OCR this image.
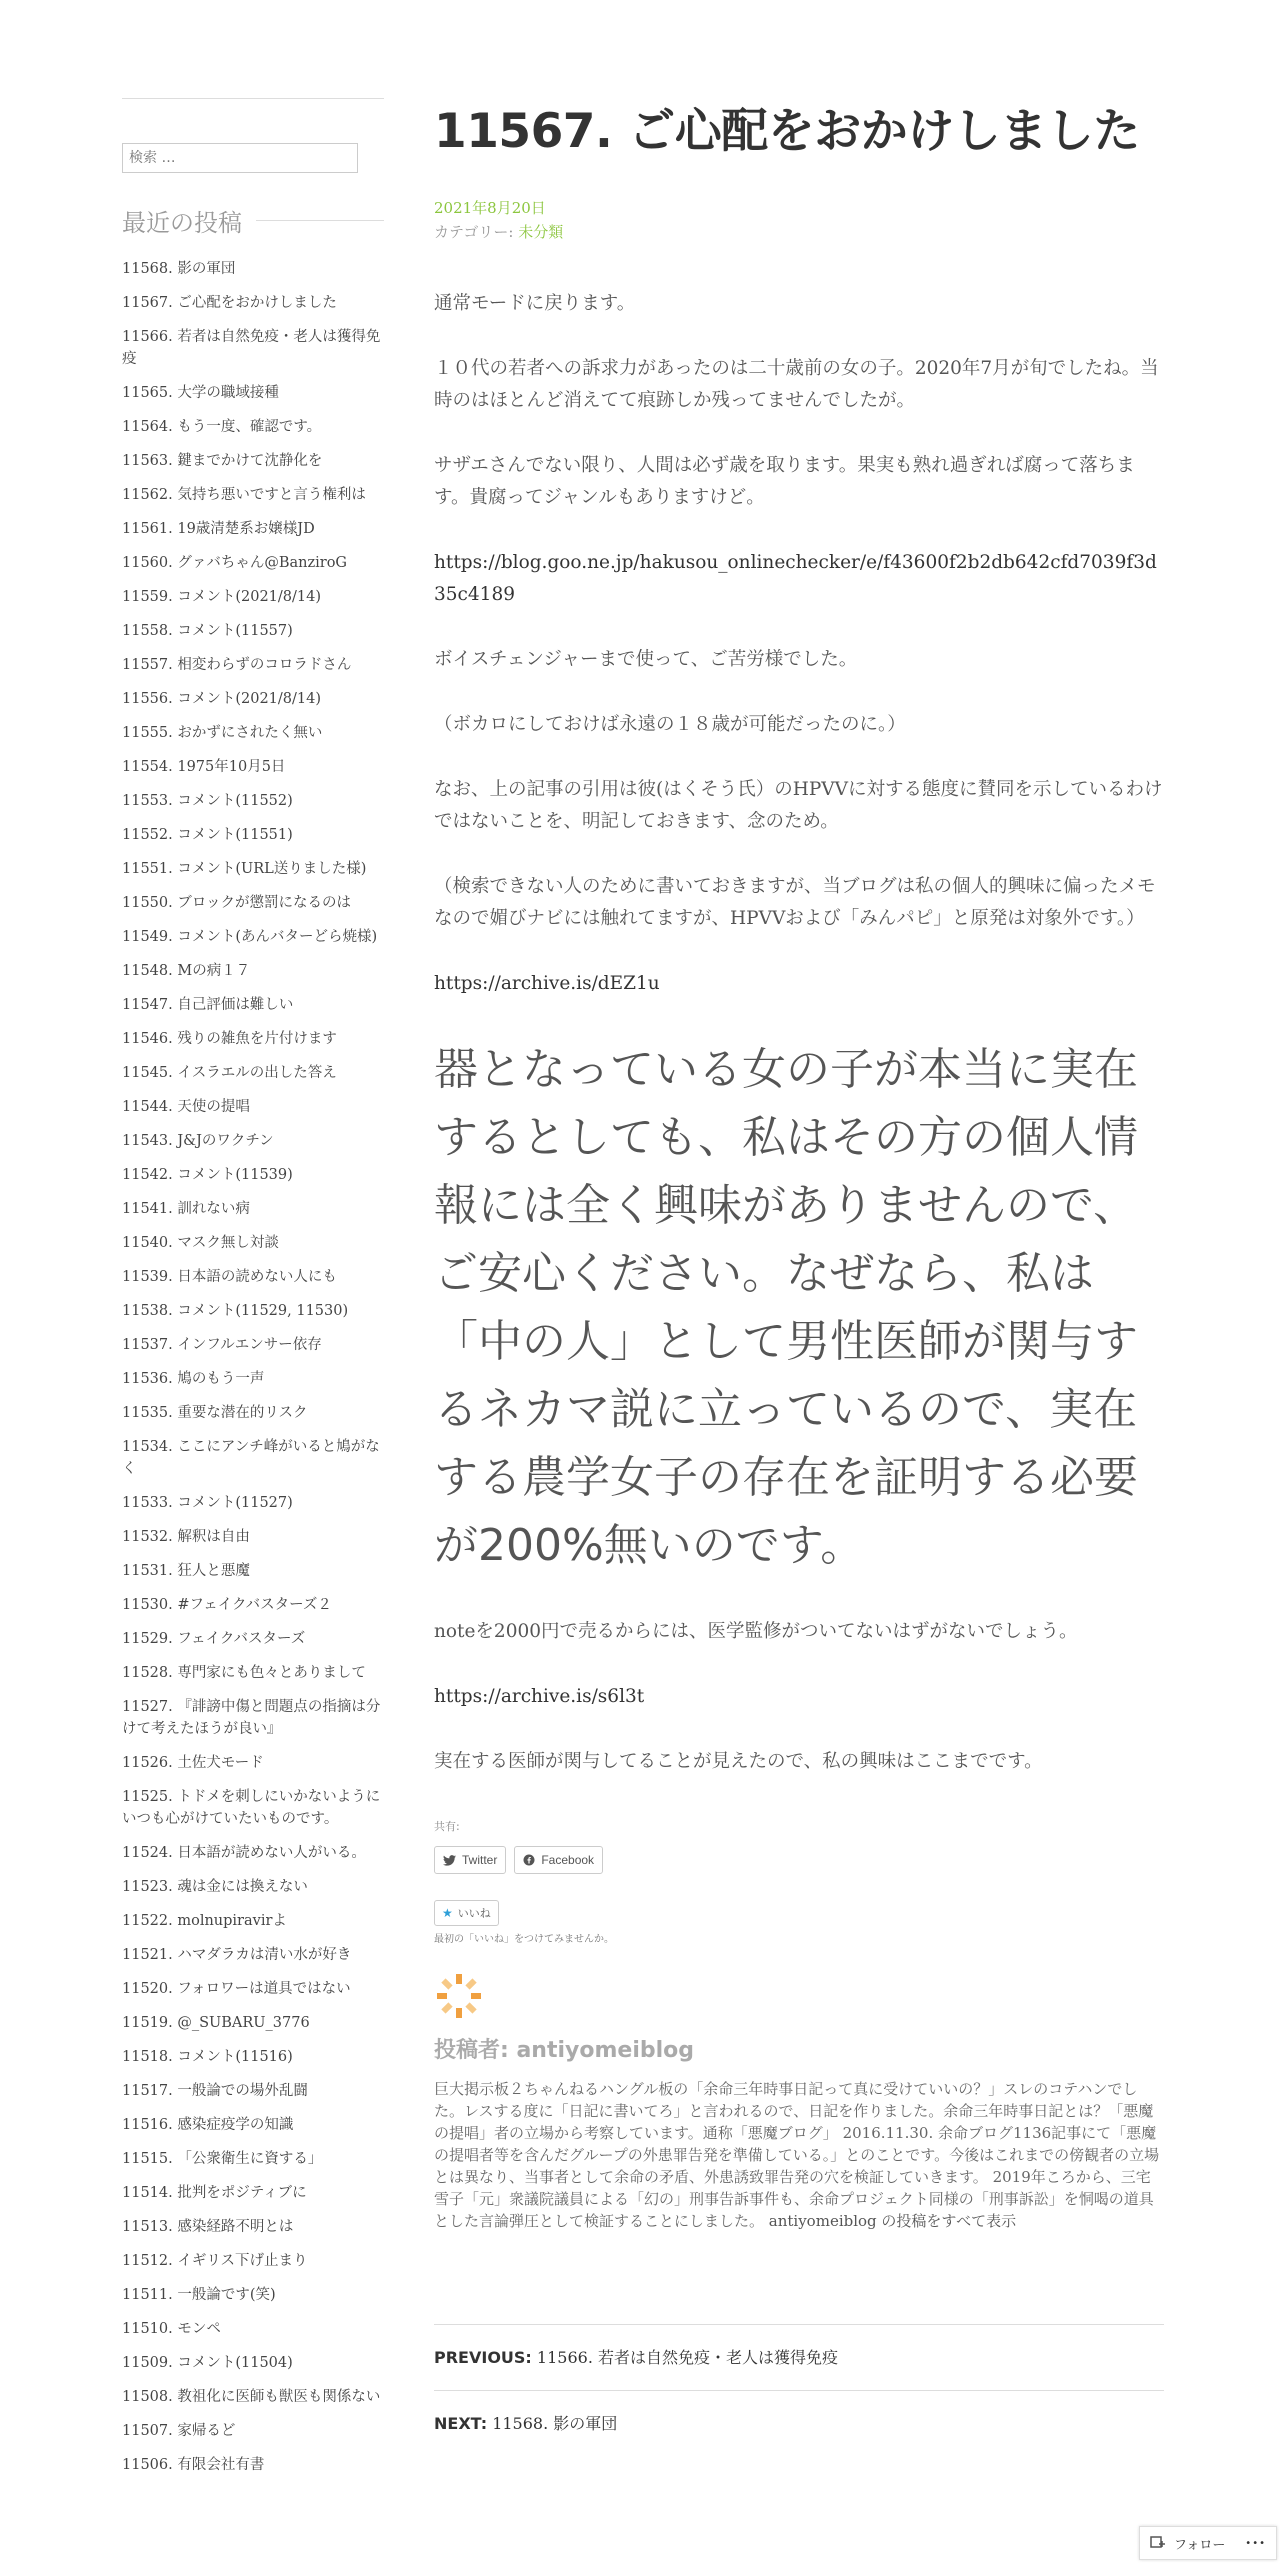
検索 …
最近の投稿
11568. 影の軍団
11567. ご心配をおかけしました
11566. 若者は自然免疫・老人は獲得免疫
11565. 大学の職域接種
11564. もう一度、確認です。
11563. 鍵までかけて沈静化を
11562. 気持ち悪いですと言う権利は
11561. 19歳清楚系お嬢様JD
11560. グァバちゃん@BanziroG
11559. コメント(2021/8/14)
11558. コメント(11557)
11557. 相変わらずのコロラドさん
11556. コメント(2021/8/14)
11555. おかずにされたく無い
11554. 1975年10月5日
11553. コメント(11552)
11552. コメント(11551)
11551. コメント(URL送りました様)
11550. ブロックが懲罰になるのは
11549. コメント(あんバターどら焼様)
11548. Mの病１７
11547. 自己評価は難しい
11546. 残りの雑魚を片付けます
11545. イスラエルの出した答え
11544. 天使の提唱
11543. J&Jのワクチン
11542. コメント(11539)
11541. 訓れない病
11540. マスク無し対談
11539. 日本語の読めない人にも
11538. コメント(11529, 11530)
11537. インフルエンサー依存
11536. 鳩のもう一声
11535. 重要な潜在的リスク
11534. ここにアンチ峰がいると鳩がなく
11533. コメント(11527)
11532. 解釈は自由
11531. 狂人と悪魔
11530. #フェイクバスターズ２
11529. フェイクバスターズ
11528. 専門家にも色々とありまして
11527. 『誹謗中傷と問題点の指摘は分けて考えたほうが良い』
11526. 土佐犬モード
11525. トドメを刺しにいかないようにいつも心がけていたいものです。
11524. 日本語が読めない人がいる。
11523. 魂は金には換えない
11522. molnupiravirよ
11521. ハマダラカは清い水が好き
11520. フォロワーは道具ではない
11519. @_SUBARU_3776
11518. コメント(11516)
11517. 一般論での場外乱闘
11516. 感染症疫学の知識
11515. 「公衆衛生に資する」
11514. 批判をポジティブに
11513. 感染経路不明とは
11512. イギリス下げ止まり
11511. 一般論です(笑)
11510. モンペ
11509. コメント(11504)
11508. 教祖化に医師も獣医も関係ない
11507. 家帰るど
11506. 有限会社有書
11567. ご心配をおかけしました
2021年8月20日
カテゴリー: 未分類

通常モードに戻ります。

１０代の若者への訴求力があったのは二十歳前の女の子。2020年7月が旬でしたね。当時のはほとんど消えてて痕跡しか残ってませんでしたが。

サザエさんでない限り、人間は必ず歳を取ります。果実も熟れ過ぎれば腐って落ちます。貴腐ってジャンルもありますけど。

https://blog.goo.ne.jp/hakusou_onlinechecker/e/f43600f2b2db642cfd7039f3d35c4189

ボイスチェンジャーまで使って、ご苦労様でした。

（ボカロにしておけば永遠の１８歳が可能だったのに。）

なお、上の記事の引用は彼(はくそう氏）のHPVVに対する態度に賛同を示しているわけではないことを、明記しておきます、念のため。

（検索できない人のために書いておきますが、当ブログは私の個人的興味に偏ったメモなので媚びナビには触れてますが、HPVVおよび「みんパピ」と原発は対象外です。）

https://archive.is/dEZ1u

器となっている女の子が本当に実在するとしても、私はその方の個人情報には全く興味がありませんので、ご安心ください。なぜなら、私は「中の人」として男性医師が関与するネカマ説に立っているので、実在する農学女子の存在を証明する必要が200%無いのです。

noteを2000円で売るからには、医学監修がついてないはずがないでしょう。

https://archive.is/s6l3t

実在する医師が関与してることが見えたので、私の興味はここまでです。

共有:
Twitter	Facebook
★ いいね
最初の「いいね」をつけてみませんか。
投稿者: antiyomeiblog

巨大掲示板２ちゃんねるハングル板の「余命三年時事日記って真に受けていいの？」スレのコテハンでした。レスする度に「日記に書いてろ」と言われるので、日記を作りました。余命三年時事日記とは？「悪魔の提唱」者の立場から考察しています。通称「悪魔ブログ」 2016.11.30. 余命ブログ1136記事にて「悪魔の提唱者等を含んだグループの外患罪告発を準備している。」とのことです。今後はこれまでの傍観者の立場とは異なり、当事者として余命の矛盾、外患誘致罪告発の穴を検証していきます。 2019年ころから、三宅雪子「元」衆議院議員による「幻の」刑事告訴事件も、余命プロジェクト同様の「刑事訴訟」を恫喝の道具とした言論弾圧として検証することにしました。 antiyomeiblog の投稿をすべて表示

PREVIOUS: 11566. 若者は自然免疫・老人は獲得免疫
NEXT: 11568. 影の軍団
フォロー •••
